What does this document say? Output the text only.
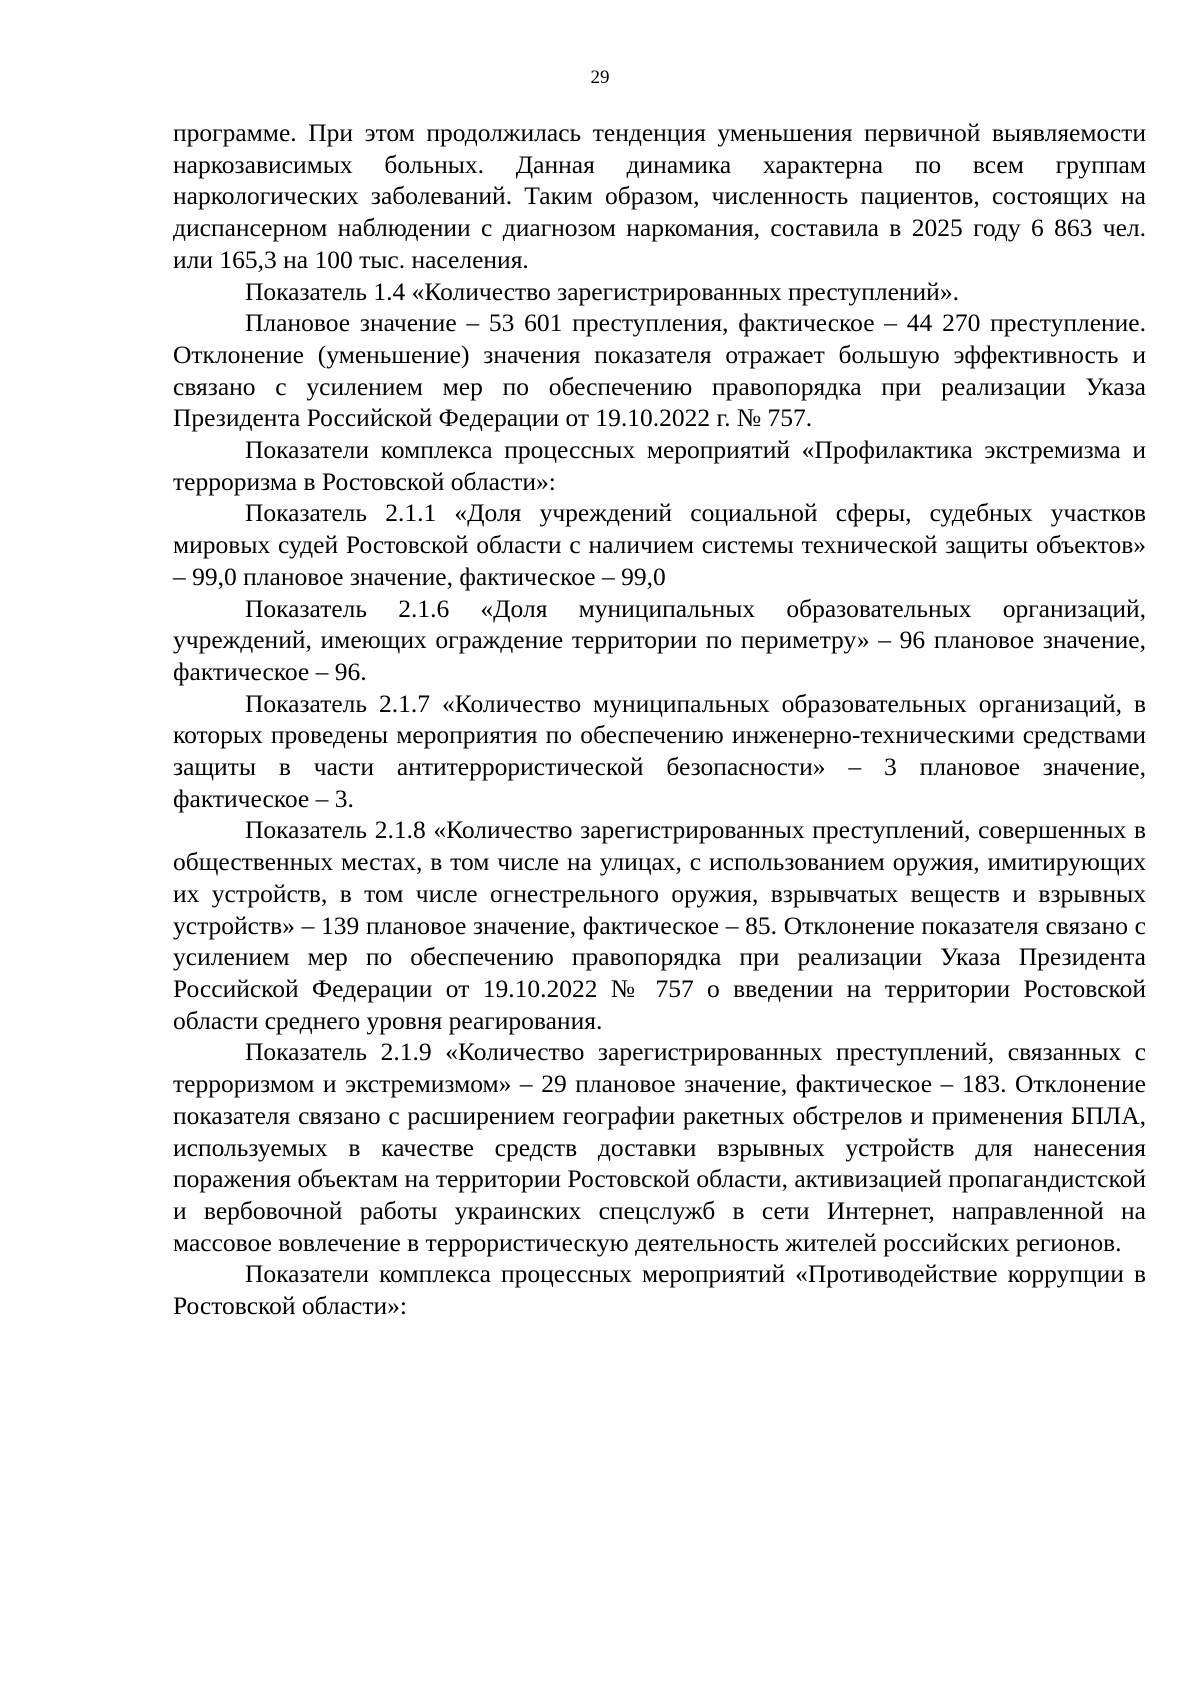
29

программе. При этом продолжилась тенденция уменьшения первичной выявляемости наркозависимых больных. Данная динамика характерна по всем группам наркологических заболеваний. Таким образом, численность пациентов, состоящих на диспансерном наблюдении с диагнозом наркомания, составила в 2025 году 6 863 чел. или 165,3 на 100 тыс. населения.

Показатель 1.4 «Количество зарегистрированных преступлений».

Плановое значение – 53 601 преступления, фактическое – 44 270 преступление. Отклонение (уменьшение) значения показателя отражает большую эффективность и связано с усилением мер по обеспечению правопорядка при реализации Указа Президента Российской Федерации от 19.10.2022 г. № 757.

Показатели комплекса процессных мероприятий «Профилактика экстремизма и терроризма в Ростовской области»:

Показатель 2.1.1 «Доля учреждений социальной сферы, судебных участков мировых судей Ростовской области с наличием системы технической защиты объектов» – 99,0 плановое значение, фактическое – 99,0

Показатель 2.1.6 «Доля муниципальных образовательных организаций, учреждений, имеющих ограждение территории по периметру» – 96 плановое значение, фактическое – 96.

Показатель 2.1.7 «Количество муниципальных образовательных организаций, в которых проведены мероприятия по обеспечению инженерно-техническими средствами защиты в части антитеррористической безопасности» – 3 плановое значение, фактическое – 3.

Показатель 2.1.8 «Количество зарегистрированных преступлений, совершенных в общественных местах, в том числе на улицах, с использованием оружия, имитирующих их устройств, в том числе огнестрельного оружия, взрывчатых веществ и взрывных устройств» – 139 плановое значение, фактическое – 85. Отклонение показателя связано с усилением мер по обеспечению правопорядка при реализации Указа Президента Российской Федерации от 19.10.2022 № 757 о введении на территории Ростовской области среднего уровня реагирования.

Показатель 2.1.9 «Количество зарегистрированных преступлений, связанных с терроризмом и экстремизмом» – 29 плановое значение, фактическое – 183. Отклонение показателя связано с расширением географии ракетных обстрелов и применения БПЛА, используемых в качестве средств доставки взрывных устройств для нанесения поражения объектам на территории Ростовской области, активизацией пропагандистской и вербовочной работы украинских спецслужб в сети Интернет, направленной на массовое вовлечение в террористическую деятельность жителей российских регионов.

Показатели комплекса процессных мероприятий «Противодействие коррупции в Ростовской области»:
